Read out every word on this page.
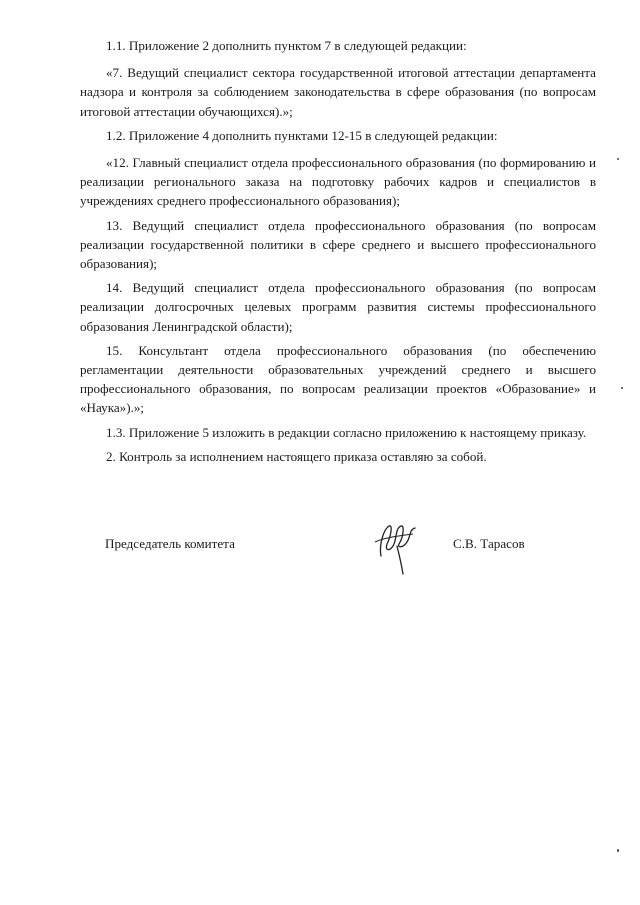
1.1. Приложение 2 дополнить пунктом 7 в следующей редакции:

«7. Ведущий специалист сектора государственной итоговой аттестации департамента надзора и контроля за соблюдением законодательства в сфере образования (по вопросам итоговой аттестации обучающихся).»;

1.2. Приложение 4 дополнить пунктами 12-15 в следующей редакции:

«12. Главный специалист отдела профессионального образования (по формированию и реализации регионального заказа на подготовку рабочих кадров и специалистов в учреждениях среднего профессионального образования);

13. Ведущий специалист отдела профессионального образования (по вопросам реализации государственной политики в сфере среднего и высшего профессионального образования);

14. Ведущий специалист отдела профессионального образования (по вопросам реализации долгосрочных целевых программ развития системы профессионального образования Ленинградской области);

15. Консультант отдела профессионального образования (по обеспечению регламентации деятельности образовательных учреждений среднего и высшего профессионального образования, по вопросам реализации проектов «Образование» и «Наука»).»;

1.3. Приложение 5 изложить в редакции согласно приложению к настоящему приказу.

2. Контроль за исполнением настоящего приказа оставляю за собой.

Председатель комитета	С.В. Тарасов
